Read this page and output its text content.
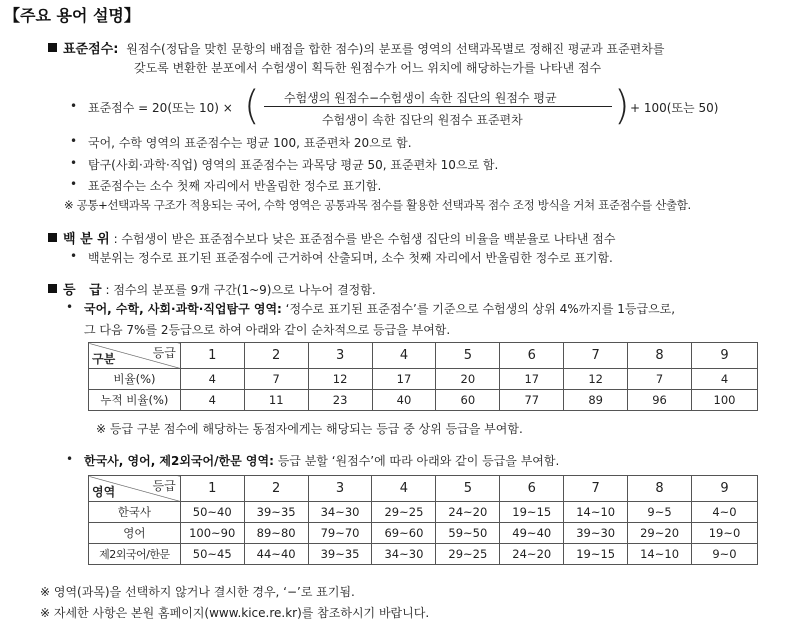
【주요 용어 설명】
표준점수: 원점수(정답을 맞힌 문항의 배점을 합한 점수)의 분포를 영역의 선택과목별로 정해진 평균과 표준편차를
갖도록 변환한 분포에서 수험생이 획득한 원점수가 어느 위치에 해당하는가를 나타낸 점수
• 표준점수 = 20(또는 10) × ( 수험생의 원점수−수험생이 속한 집단의 원점수 평균
수험생이 속한 집단의 원점수 표준편차 ) + 100(또는 50)
• 국어, 수학 영역의 표준점수는 평균 100, 표준편차 20으로 함.
• 탐구(사회·과학·직업) 영역의 표준점수는 과목당 평균 50, 표준편차 10으로 함.
• 표준점수는 소수 첫째 자리에서 반올림한 정수로 표기함.
※ 공통+선택과목 구조가 적용되는 국어, 수학 영역은 공통과목 점수를 활용한 선택과목 점수 조정 방식을 거쳐 표준점수를 산출함.
백 분 위 : 수험생이 받은 표준점수보다 낮은 표준점수를 받은 수험생 집단의 비율을 백분율로 나타낸 점수
• 백분위는 정수로 표기된 표준점수에 근거하여 산출되며, 소수 첫째 자리에서 반올림한 정수로 표기함.
등   급 : 점수의 분포를 9개 구간(1~9)으로 나누어 결정함.
• 국어, 수학, 사회·과학·직업탐구 영역: ‘정수로 표기된 표준점수’를 기준으로 수험생의 상위 4%까지를 1등급으로,
그 다음 7%를 2등급으로 하여 아래와 같이 순차적으로 등급을 부여함.
등급
구분	1	2	3	4	5	6	7	8	9
비율(%)	4	7	12	17	20	17	12	7	4
누적 비율(%)	4	11	23	40	60	77	89	96	100
※ 등급 구분 점수에 해당하는 동점자에게는 해당되는 등급 중 상위 등급을 부여함.
• 한국사, 영어, 제2외국어/한문 영역: 등급 분할 ‘원점수’에 따라 아래와 같이 등급을 부여함.
등급
영역	1	2	3	4	5	6	7	8	9
한국사	50~40	39~35	34~30	29~25	24~20	19~15	14~10	9~5	4~0
영어	100~90	89~80	79~70	69~60	59~50	49~40	39~30	29~20	19~0
제2외국어/한문	50~45	44~40	39~35	34~30	29~25	24~20	19~15	14~10	9~0
※ 영역(과목)을 선택하지 않거나 결시한 경우, ‘−’로 표기됨.
※ 자세한 사항은 본원 홈페이지(www.kice.re.kr)를 참조하시기 바랍니다.
